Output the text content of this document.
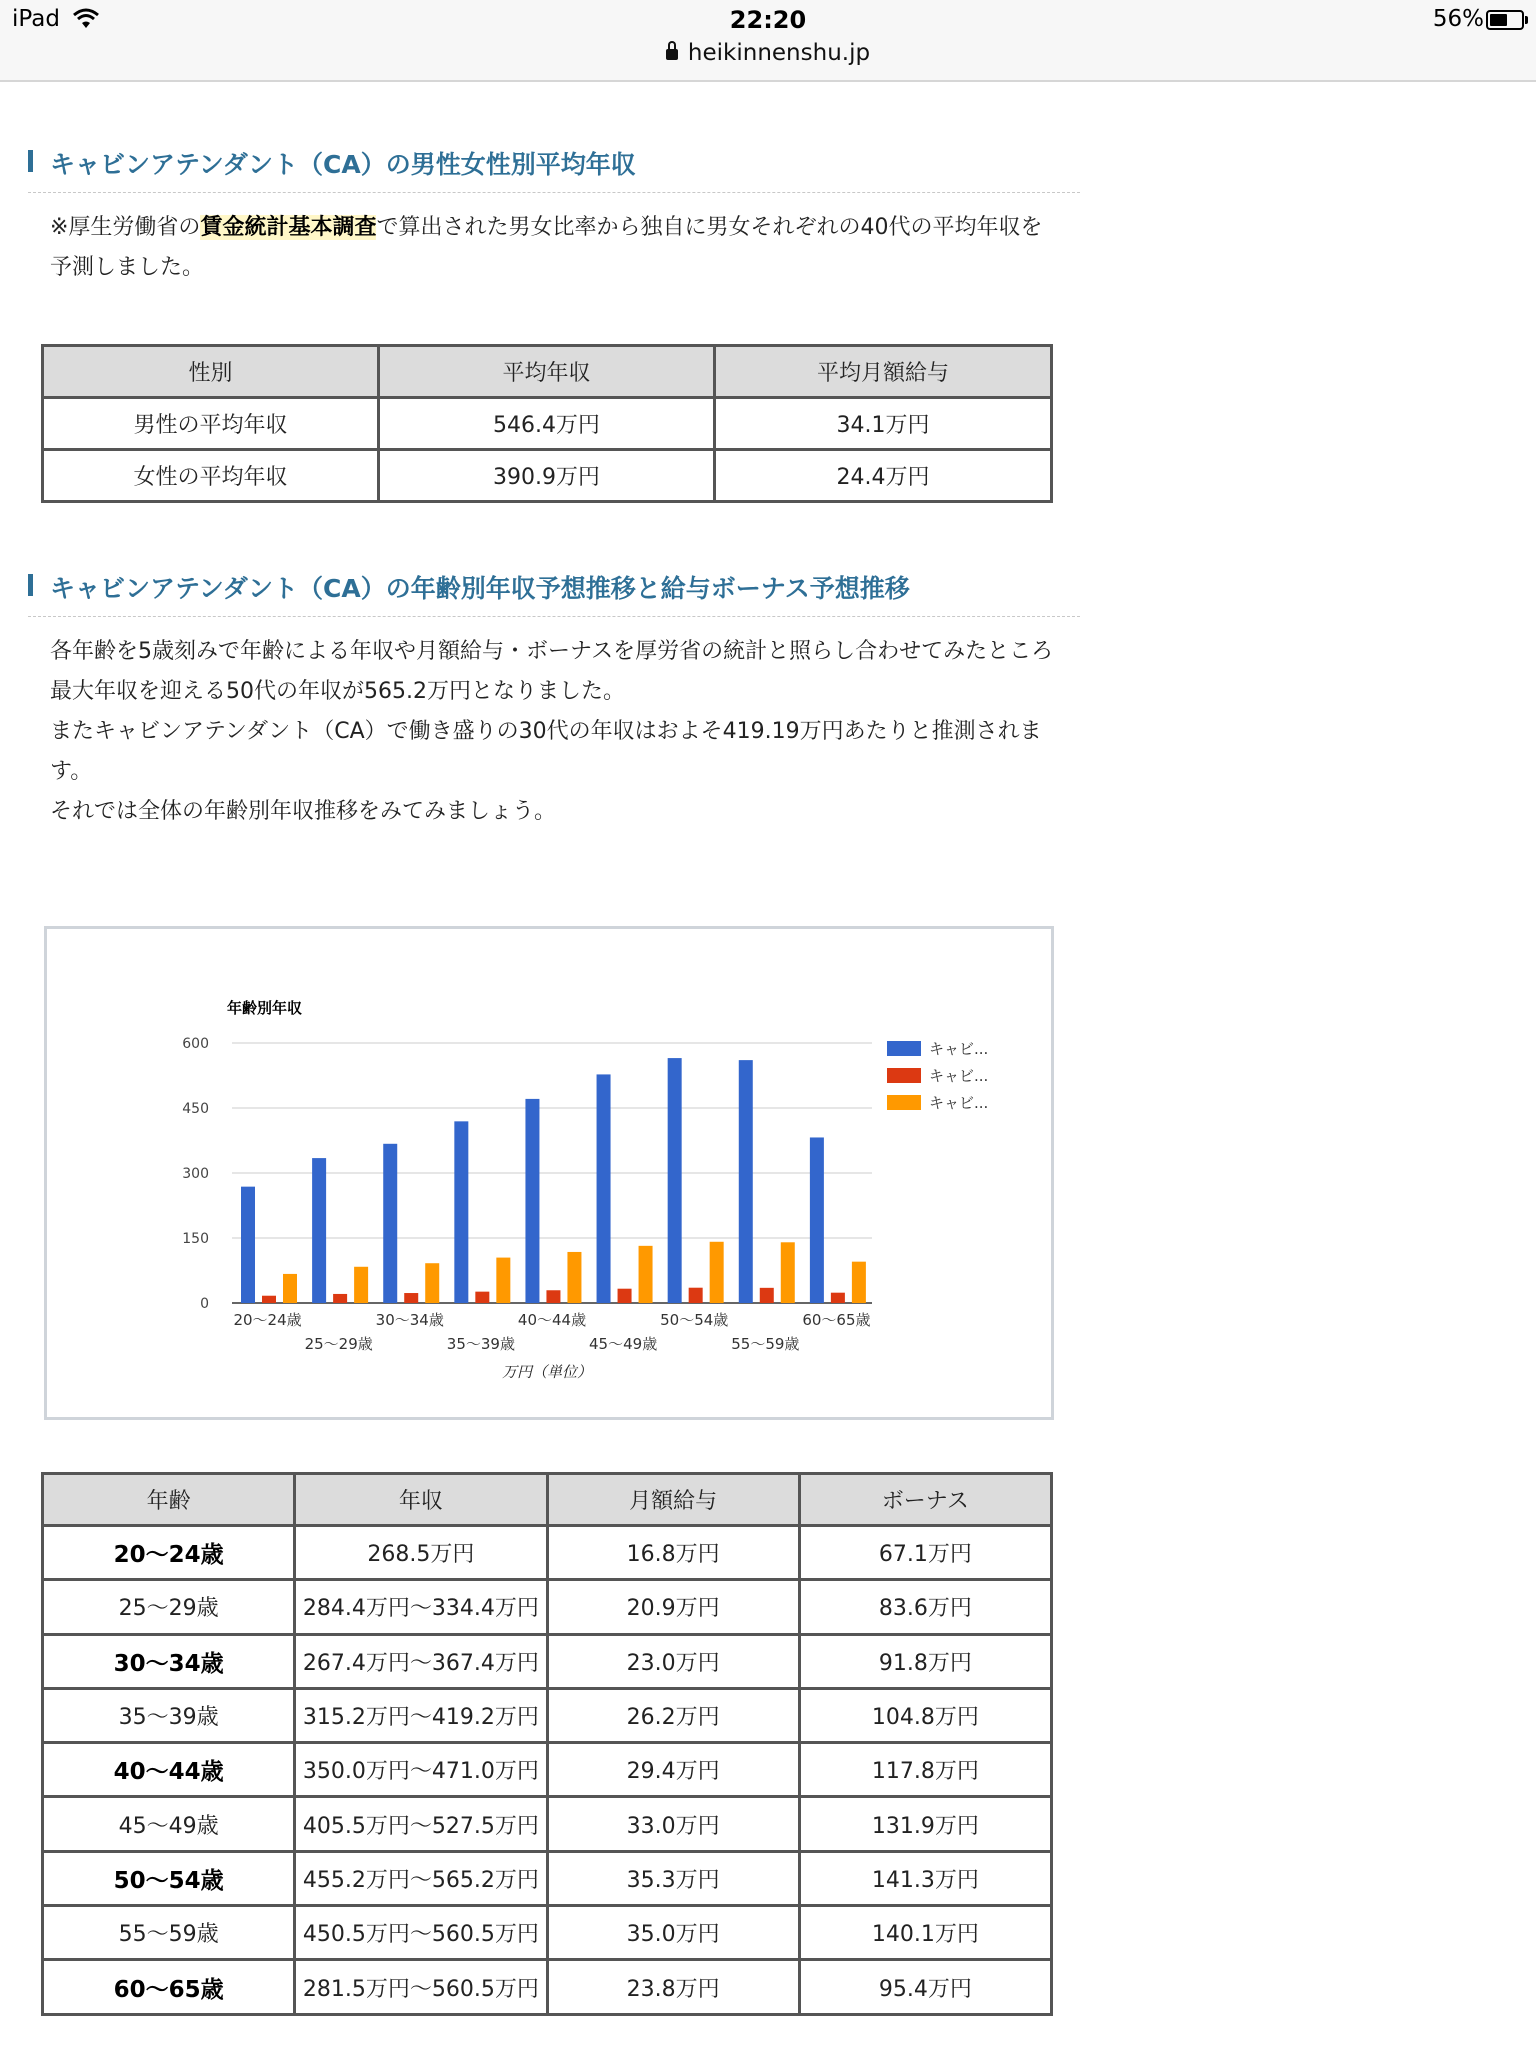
iPad	22:20
heikinnenshu.jp
56%
キャビンアテンダント（CA）の男性女性別平均年収

※厚生労働省の賃金統計基本調査で算出された男女比率から独自に男女それぞれの40代の平均年収を予測しました。

性別	平均年収	平均月額給与
男性の平均年収	546.4万円	34.1万円
女性の平均年収	390.9万円	24.4万円
キャビンアテンダント（CA）の年齢別年収予想推移と給与ボーナス予想推移
各年齢を5歳刻みで年齢による年収や月額給与・ボーナスを厚労省の統計と照らし合わせてみたところ
最大年収を迎える50代の年収が565.2万円となりました。
またキャビンアテンダント（CA）で働き盛りの30代の年収はおよそ419.19万円あたりと推測されます。
それでは全体の年齢別年収推移をみてみましょう。
年齢別年収
0
150
300
450
600
20〜24歳
25〜29歳
30〜34歳
35〜39歳
40〜44歳
45〜49歳
50〜54歳
55〜59歳
60〜65歳
キャビ...
キャビ...
キャビ...
万円（単位）
年齢	年収	月額給与	ボーナス
20〜24歳	268.5万円	16.8万円	67.1万円
25〜29歳	284.4万円〜334.4万円	20.9万円	83.6万円
30〜34歳	267.4万円〜367.4万円	23.0万円	91.8万円
35〜39歳	315.2万円〜419.2万円	26.2万円	104.8万円
40〜44歳	350.0万円〜471.0万円	29.4万円	117.8万円
45〜49歳	405.5万円〜527.5万円	33.0万円	131.9万円
50〜54歳	455.2万円〜565.2万円	35.3万円	141.3万円
55〜59歳	450.5万円〜560.5万円	35.0万円	140.1万円
60〜65歳	281.5万円〜560.5万円	23.8万円	95.4万円
